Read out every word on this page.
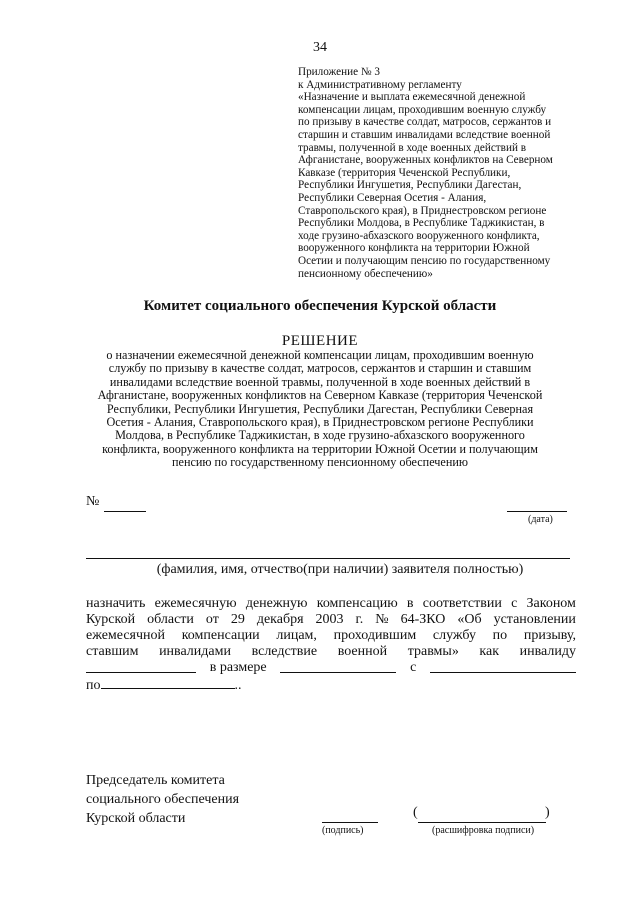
34
Приложение № 3
к Административному регламенту
«Назначение и выплата ежемесячной денежной
компенсации лицам, проходившим военную службу
по призыву в качестве солдат, матросов, сержантов и
старшин и ставшим инвалидами вследствие военной
травмы, полученной в ходе военных действий в
Афганистане, вооруженных конфликтов на Северном
Кавказе (территория Чеченской Республики,
Республики Ингушетия, Республики Дагестан,
Республики Северная Осетия - Алания,
Ставропольского края), в Приднестровском регионе
Республики Молдова, в Республике Таджикистан, в
ходе грузино-абхазского вооруженного конфликта,
вооруженного конфликта на территории Южной
Осетии и получающим пенсию по государственному
пенсионному обеспечению»
Комитет социального обеспечения Курской области
РЕШЕНИЕ
о назначении ежемесячной денежной компенсации лицам, проходившим военную
службу по призыву в качестве солдат, матросов, сержантов и старшин и ставшим
инвалидами вследствие военной травмы, полученной в ходе военных действий в
Афганистане, вооруженных конфликтов на Северном Кавказе (территория Чеченской
Республики, Республики Ингушетия, Республики Дагестан, Республики Северная
Осетия - Алания, Ставропольского края), в Приднестровском регионе Республики
Молдова, в Республике Таджикистан, в ходе грузино-абхазского вооруженного
конфликта, вооруженного конфликта на территории Южной Осетии и получающим
пенсию по государственному пенсионному обеспечению
№
(дата)
(фамилия, имя, отчество(при наличии) заявителя полностью)
назначить ежемесячную денежную компенсацию в соответствии с Законом
Курской области от 29 декабря 2003 г. № 64-ЗКО «Об установлении
ежемесячной компенсации лицам, проходившим службу по призыву,
ставшим инвалидами вследствие военной травмы» как инвалиду
в размере	с
по	..
Председатель комитета
социального обеспечения
Курской области
(подпись)
(	)
(расшифровка подписи)
